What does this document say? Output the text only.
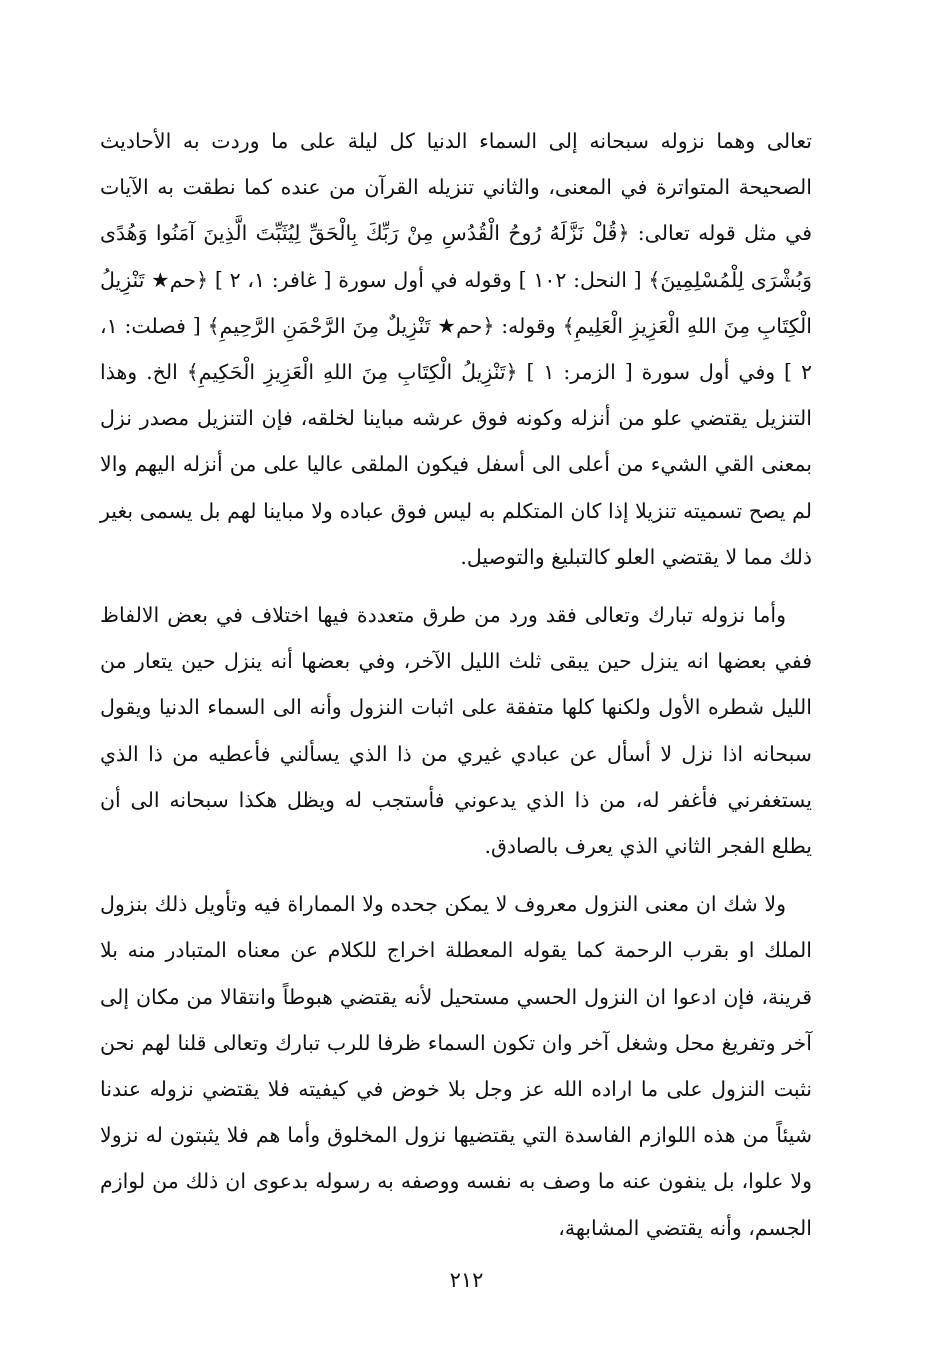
تعالى وهما نزوله سبحانه إلى السماء الدنيا كل ليلة على ما وردت به الأحاديث الصحيحة المتواترة في المعنى، والثاني تنزيله القرآن من عنده كما نطقت به الآيات في مثل قوله تعالى: ﴿قُلْ نَزَّلَهُ رُوحُ الْقُدُسِ مِنْ رَبِّكَ بِالْحَقِّ لِيُثَبِّتَ الَّذِينَ آمَنُوا وَهُدًى وَبُشْرَى لِلْمُسْلِمِينَ﴾ [ النحل: ١٠٢ ] وقوله في أول سورة [ غافر: ١، ٢ ] ﴿حم★ تَنْزِيلُ الْكِتَابِ مِنَ اللهِ الْعَزِيزِ الْعَلِيمِ﴾ وقوله: ﴿حم★ تَنْزِيلٌ مِنَ الرَّحْمَنِ الرَّحِيمِ﴾ [ فصلت: ١، ٢ ] وفي أول سورة [ الزمر: ١ ] ﴿تَنْزِيلُ الْكِتَابِ مِنَ اللهِ الْعَزِيزِ الْحَكِيمِ﴾ الخ. وهذا التنزيل يقتضي علو من أنزله وكونه فوق عرشه مباينا لخلقه، فإن التنزيل مصدر نزل بمعنى القي الشيء من أعلى الى أسفل فيكون الملقى عاليا على من أنزله اليهم والا لم يصح تسميته تنزيلا إذا كان المتكلم به ليس فوق عباده ولا مباينا لهم بل يسمى بغير ذلك مما لا يقتضي العلو كالتبليغ والتوصيل.

وأما نزوله تبارك وتعالى فقد ورد من طرق متعددة فيها اختلاف في بعض الالفاظ ففي بعضها انه ينزل حين يبقى ثلث الليل الآخر، وفي بعضها أنه ينزل حين يتعار من الليل شطره الأول ولكنها كلها متفقة على اثبات النزول وأنه الى السماء الدنيا ويقول سبحانه اذا نزل لا أسأل عن عبادي غيري من ذا الذي يسألني فأعطيه من ذا الذي يستغفرني فأغفر له، من ذا الذي يدعوني فأستجب له ويظل هكذا سبحانه الى أن يطلع الفجر الثاني الذي يعرف بالصادق.

ولا شك ان معنى النزول معروف لا يمكن جحده ولا المماراة فيه وتأويل ذلك بنزول الملك او بقرب الرحمة كما يقوله المعطلة اخراج للكلام عن معناه المتبادر منه بلا قرينة، فإن ادعوا ان النزول الحسي مستحيل لأنه يقتضي هبوطاً وانتقالا من مكان إلى آخر وتفريغ محل وشغل آخر وان تكون السماء ظرفا للرب تبارك وتعالى قلنا لهم نحن نثبت النزول على ما اراده الله عز وجل بلا خوض في كيفيته فلا يقتضي نزوله عندنا شيئاً من هذه اللوازم الفاسدة التي يقتضيها نزول المخلوق وأما هم فلا يثبتون له نزولا ولا علوا، بل ينفون عنه ما وصف به نفسه ووصفه به رسوله بدعوى ان ذلك من لوازم الجسم، وأنه يقتضي المشابهة،

٢١٢
